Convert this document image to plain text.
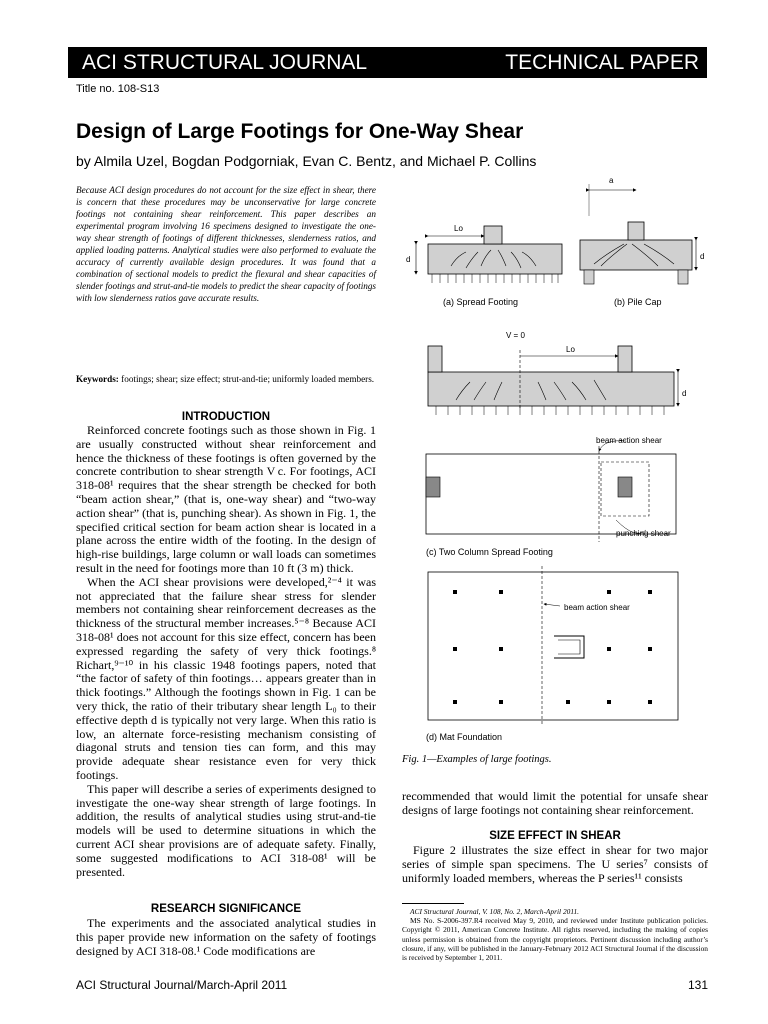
ACI STRUCTURAL JOURNAL	TECHNICAL PAPER
Title no. 108-S13
Design of Large Footings for One-Way Shear
by Almila Uzel, Bogdan Podgorniak, Evan C. Bentz, and Michael P. Collins
Because ACI design procedures do not account for the size effect in shear, there is concern that these procedures may be unconservative for large concrete footings not containing shear reinforcement. This paper describes an experimental program involving 16 specimens designed to investigate the one-way shear strength of footings of different thicknesses, slenderness ratios, and applied loading patterns. Analytical studies were also performed to evaluate the accuracy of currently available design procedures. It was found that a combination of sectional models to predict the flexural and shear capacities of slender footings and strut-and-tie models to predict the shear capacity of footings with low slenderness ratios gave accurate results.
Keywords: footings; shear; size effect; strut-and-tie; uniformly loaded members.
INTRODUCTION

Reinforced concrete footings such as those shown in Fig. 1 are usually constructed without shear reinforcement and hence the thickness of these footings is often governed by the concrete contribution to shear strength V c. For footings, ACI 318-08¹ requires that the shear strength be checked for both “beam action shear,” (that is, one-way shear) and “two-way action shear” (that is, punching shear). As shown in Fig. 1, the specified critical section for beam action shear is located in a plane across the entire width of the footing. In the design of high-rise buildings, large column or wall loads can sometimes result in the need for footings more than 10 ft (3 m) thick.

When the ACI shear provisions were developed,²⁻⁴ it was not appreciated that the failure shear stress for slender members not containing shear reinforcement decreases as the thickness of the structural member increases.⁵⁻⁸ Because ACI 318-08¹ does not account for this size effect, concern has been expressed regarding the safety of very thick footings.⁸ Richart,⁹⁻¹⁰ in his classic 1948 footings papers, noted that “the factor of safety of thin footings… appears greater than in thick footings.” Although the footings shown in Fig. 1 can be very thick, the ratio of their tributary shear length L₀ to their effective depth d is typically not very large. When this ratio is low, an alternate force-resisting mechanism consisting of diagonal struts and tension ties can form, and this may provide adequate shear resistance even for very thick footings.

This paper will describe a series of experiments designed to investigate the one-way shear strength of large footings. In addition, the results of analytical studies using strut-and-tie models will be used to determine situations in which the current ACI shear provisions are of adequate safety. Finally, some suggested modifications to ACI 318-08¹ will be presented.

RESEARCH SIGNIFICANCE

The experiments and the associated analytical studies in this paper provide new information on the safety of footings designed by ACI 318-08.¹ Code modifications are

Lo
d
(a) Spread Footing
a
d
(b) Pile Cap
V = 0
Lo
d
beam action shear
punching shear
(c) Two Column Spread Footing
beam action shear
(d) Mat Foundation
Fig. 1—Examples of large footings.

recommended that would limit the potential for unsafe shear designs of large footings not containing shear reinforcement.

SIZE EFFECT IN SHEAR

Figure 2 illustrates the size effect in shear for two major series of simple span specimens. The U series⁷ consists of uniformly loaded members, whereas the P series¹¹ consists

ACI Structural Journal, V. 108, No. 2, March-April 2011.
MS No. S-2006-397.R4 received May 9, 2010, and reviewed under Institute publication policies. Copyright © 2011, American Concrete Institute. All rights reserved, including the making of copies unless permission is obtained from the copyright proprietors. Pertinent discussion including author’s closure, if any, will be published in the January-February 2012 ACI Structural Journal if the discussion is received by September 1, 2011.
ACI Structural Journal/March-April 2011	131
